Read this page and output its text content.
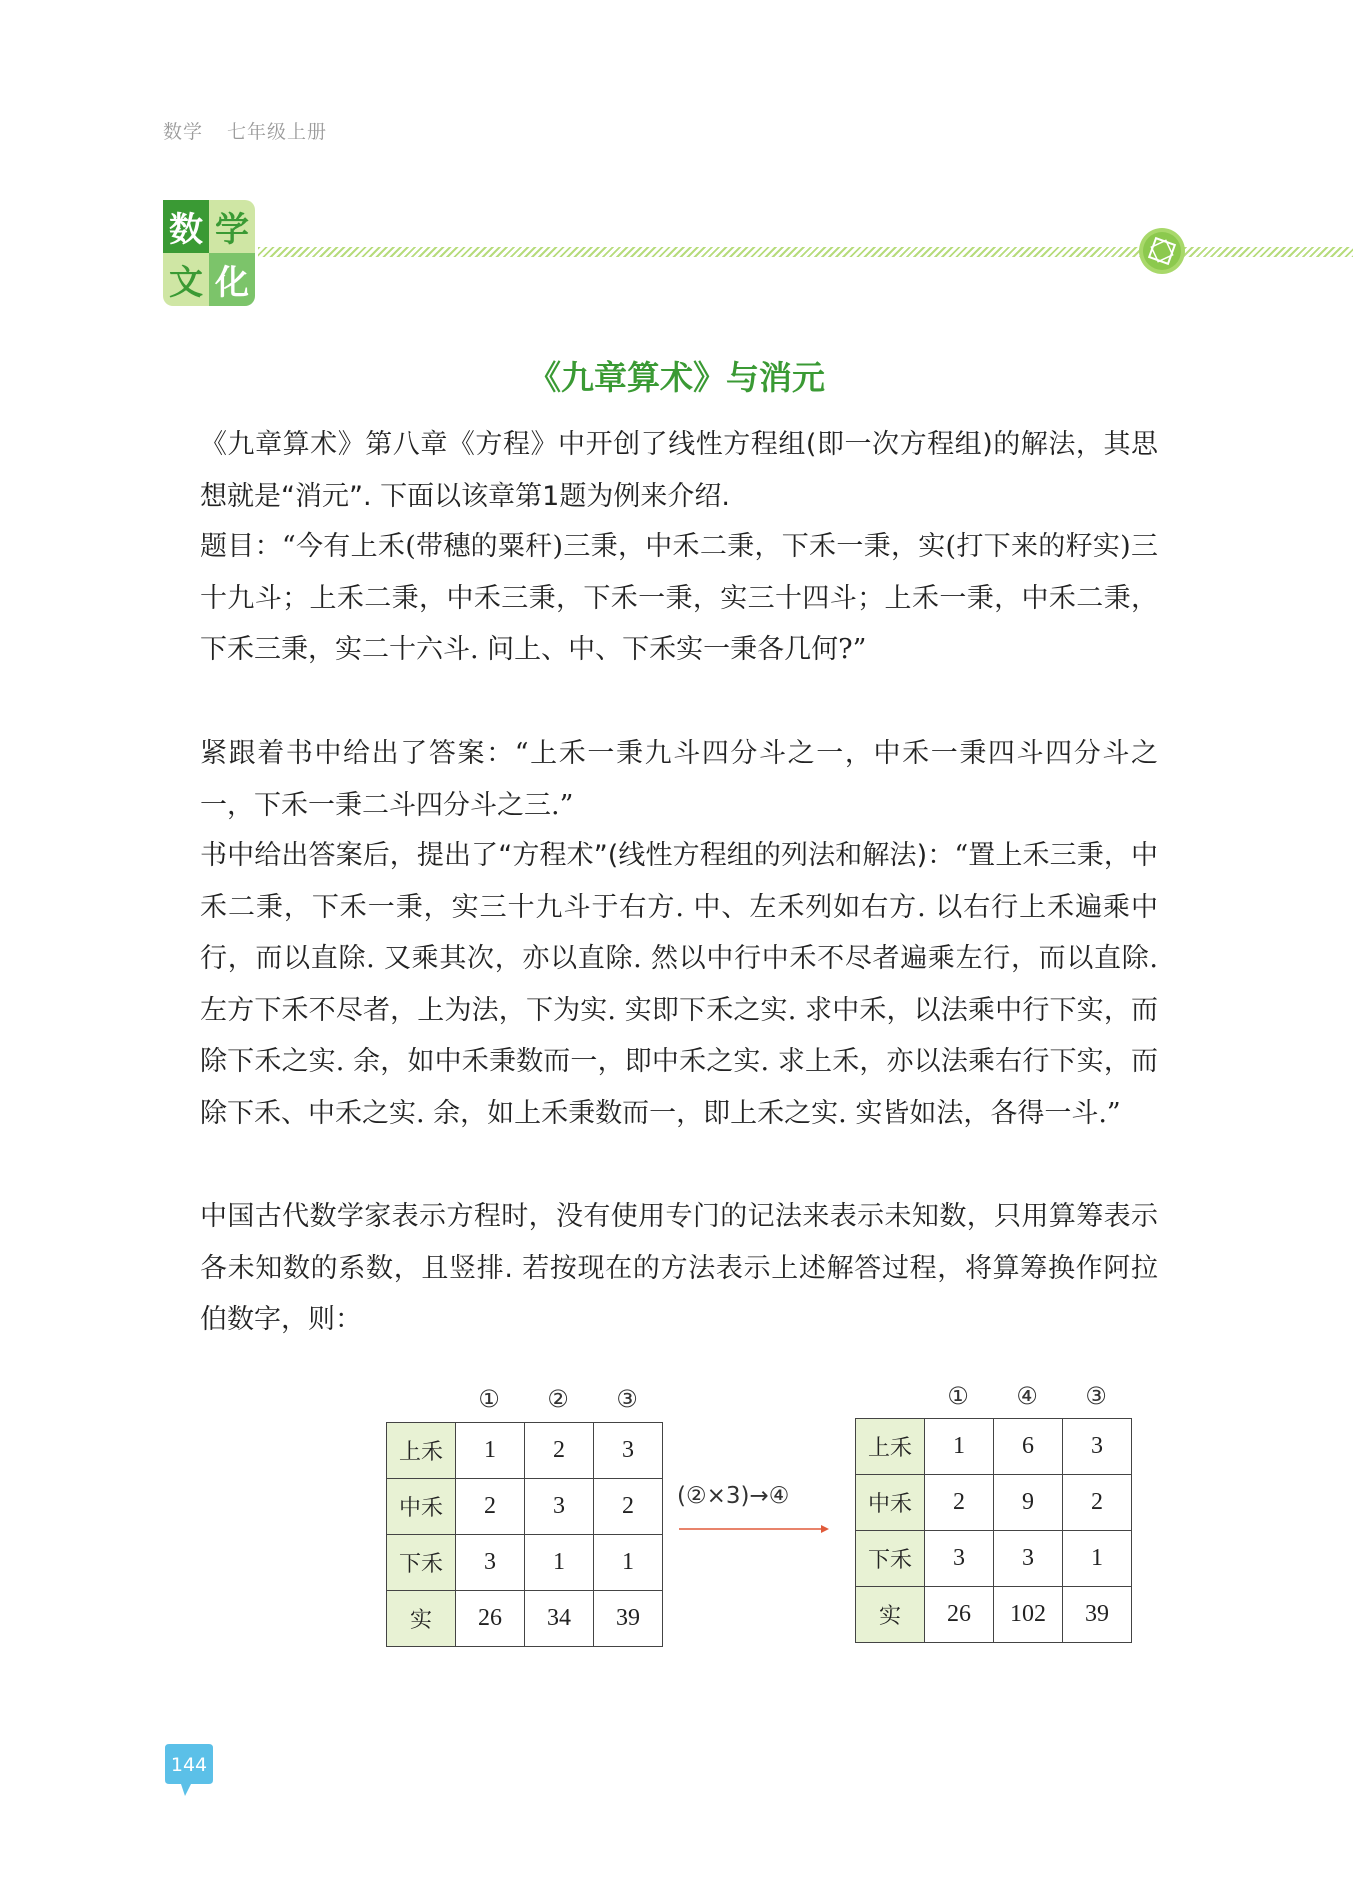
数学 七年级上册
数 学
文 化
《九章算术》与消元

《九章算术》第八章《方程》中开创了线性方程组(即一次方程组)的解法，其思想就是“消元”. 下面以该章第1题为例来介绍.

题目：“今有上禾(带穗的粟秆)三秉，中禾二秉，下禾一秉，实(打下来的籽实)三十九斗；上禾二秉，中禾三秉，下禾一秉，实三十四斗；上禾一秉，中禾二秉，下禾三秉，实二十六斗. 问上、中、下禾实一秉各几何?”

紧跟着书中给出了答案：“上禾一秉九斗四分斗之一，中禾一秉四斗四分斗之一，下禾一秉二斗四分斗之三.”

书中给出答案后，提出了“方程术”(线性方程组的列法和解法)：“置上禾三秉，中禾二秉，下禾一秉，实三十九斗于右方. 中、左禾列如右方. 以右行上禾遍乘中行，而以直除. 又乘其次，亦以直除. 然以中行中禾不尽者遍乘左行，而以直除. 左方下禾不尽者，上为法，下为实. 实即下禾之实. 求中禾，以法乘中行下实，而除下禾之实. 余，如中禾秉数而一，即中禾之实. 求上禾，亦以法乘右行下实，而除下禾、中禾之实. 余，如上禾秉数而一，即上禾之实. 实皆如法，各得一斗.”

中国古代数学家表示方程时，没有使用专门的记法来表示未知数，只用算筹表示各未知数的系数，且竖排. 若按现在的方法表示上述解答过程，将算筹换作阿拉伯数字，则：

①	②	③
上禾	1	2	3
中禾	2	3	2
下禾	3	1	1
实	26	34	39
(②×3)→④
①	④	③
上禾	1	6	3
中禾	2	9	2
下禾	3	3	1
实	26	102	39
144
